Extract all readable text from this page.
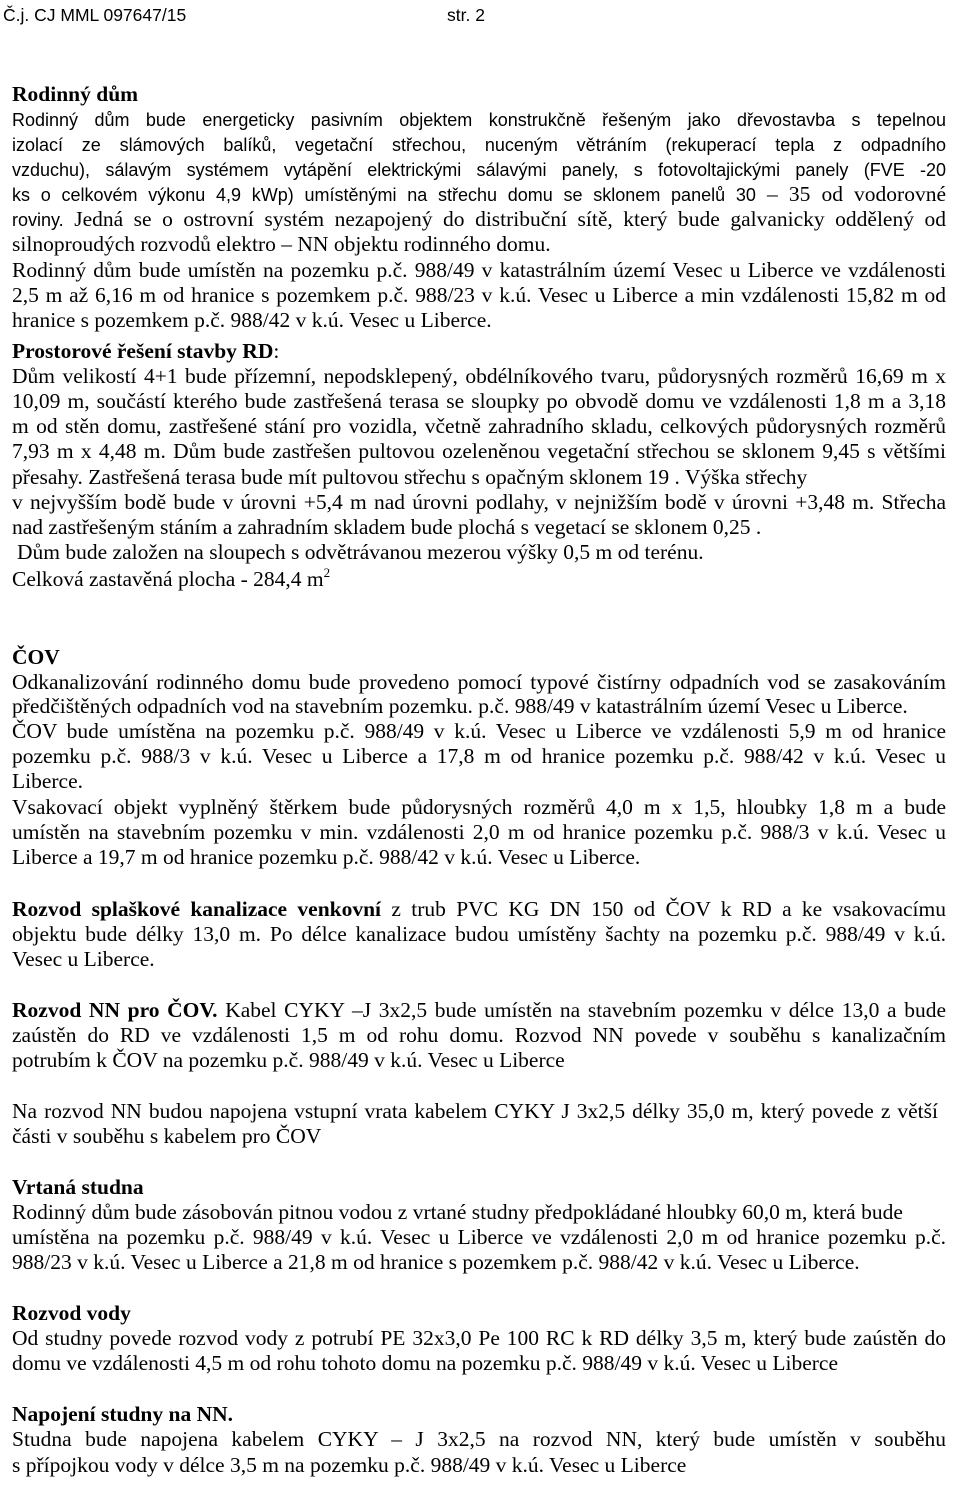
Č.j. CJ MML 097647/15	str. 2
Rodinný dům
Rodinný dům bude energeticky pasivním objektem konstrukčně řešeným jako dřevostavba s tepelnou
izolací ze slámových balíků, vegetační střechou, nuceným větráním (rekuperací tepla z odpadního
vzduchu), sálavým systémem vytápění elektrickými sálavými panely, s fotovoltajickými panely (FVE -20
ks o celkovém výkonu 4,9 kWp) umístěnými na střechu domu se sklonem panelů 30 – 35 od vodorovné
roviny. Jedná se o ostrovní systém nezapojený do distribuční sítě, který bude galvanicky oddělený od
silnoproudých rozvodů elektro – NN objektu rodinného domu.
Rodinný dům bude umístěn na pozemku p.č. 988/49 v katastrálním území Vesec u Liberce ve vzdálenosti
2,5 m až 6,16 m od hranice s pozemkem p.č. 988/23 v k.ú. Vesec u Liberce a min vzdálenosti 15,82 m od
hranice s pozemkem p.č. 988/42 v k.ú. Vesec u Liberce.
Prostorové řešení stavby RD:
Dům velikostí 4+1 bude přízemní, nepodsklepený, obdélníkového tvaru, půdorysných rozměrů 16,69 m x
10,09 m, součástí kterého bude zastřešená terasa se sloupky po obvodě domu ve vzdálenosti 1,8 m a 3,18
m od stěn domu, zastřešené stání pro vozidla, včetně zahradního skladu, celkových půdorysných rozměrů
7,93 m x 4,48 m. Dům bude zastřešen pultovou ozeleněnou vegetační střechou se sklonem 9,45 s většími
přesahy. Zastřešená terasa bude mít pultovou střechu s opačným sklonem 19 . Výška střechy
v nejvyšším bodě bude v úrovni +5,4 m nad úrovni podlahy, v nejnižším bodě v úrovni +3,48 m. Střecha
nad zastřešeným stáním a zahradním skladem bude plochá s vegetací se sklonem 0,25 .
Dům bude založen na sloupech s odvětrávanou mezerou výšky 0,5 m od terénu.
Celková zastavěná plocha - 284,4 $m^2$
ČOV
Odkanalizování rodinného domu bude provedeno pomocí typové čistírny odpadních vod se zasakováním
předčištěných odpadních vod na stavebním pozemku. p.č. 988/49 v katastrálním území Vesec u Liberce.
ČOV bude umístěna na pozemku p.č. 988/49 v k.ú. Vesec u Liberce ve vzdálenosti 5,9 m od hranice
pozemku p.č. 988/3 v k.ú. Vesec u Liberce a 17,8 m od hranice pozemku p.č. 988/42 v k.ú. Vesec u
Liberce.
Vsakovací objekt vyplněný štěrkem bude půdorysných rozměrů 4,0 m x 1,5, hloubky 1,8 m a bude
umístěn na stavebním pozemku v min. vzdálenosti 2,0 m od hranice pozemku p.č. 988/3 v k.ú. Vesec u
Liberce a 19,7 m od hranice pozemku p.č. 988/42 v k.ú. Vesec u Liberce.
Rozvod splaškové kanalizace venkovní z trub PVC KG DN 150 od ČOV k RD a ke vsakovacímu
objektu bude délky 13,0 m. Po délce kanalizace budou umístěny šachty na pozemku p.č. 988/49 v k.ú.
Vesec u Liberce.
Rozvod NN pro ČOV. Kabel CYKY –J 3x2,5 bude umístěn na stavebním pozemku v délce 13,0 a bude
zaústěn do RD ve vzdálenosti 1,5 m od rohu domu. Rozvod NN povede v souběhu s kanalizačním
potrubím k ČOV na pozemku p.č. 988/49 v k.ú. Vesec u Liberce
Na rozvod NN budou napojena vstupní vrata kabelem CYKY J 3x2,5 délky 35,0 m, který povede z větší
části v souběhu s kabelem pro ČOV
Vrtaná studna
Rodinný dům bude zásobován pitnou vodou z vrtané studny předpokládané hloubky 60,0 m, která bude
umístěna na pozemku p.č. 988/49 v k.ú. Vesec u Liberce ve vzdálenosti 2,0 m od hranice pozemku p.č.
988/23 v k.ú. Vesec u Liberce a 21,8 m od hranice s pozemkem p.č. 988/42 v k.ú. Vesec u Liberce.
Rozvod vody
Od studny povede rozvod vody z potrubí PE 32x3,0 Pe 100 RC k RD délky 3,5 m, který bude zaústěn do
domu ve vzdálenosti 4,5 m od rohu tohoto domu na pozemku p.č. 988/49 v k.ú. Vesec u Liberce
Napojení studny na NN.
Studna bude napojena kabelem CYKY – J 3x2,5 na rozvod NN, který bude umístěn v souběhu
s přípojkou vody v délce 3,5 m na pozemku p.č. 988/49 v k.ú. Vesec u Liberce
